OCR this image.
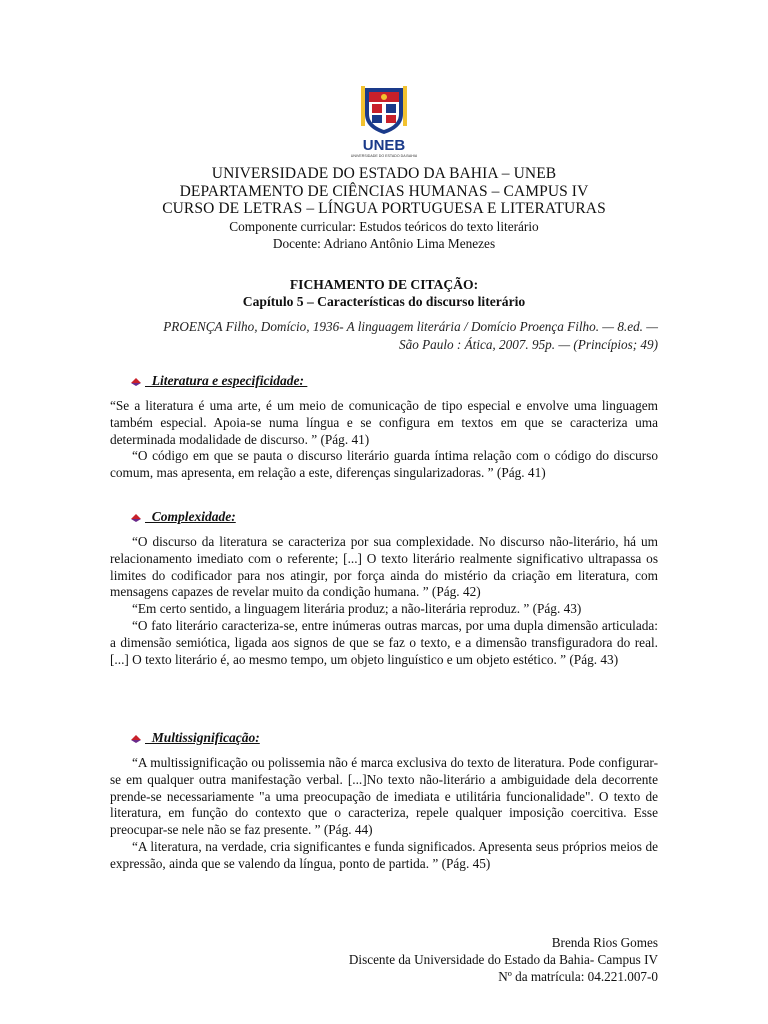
UNEB
UNIVERSIDADE DO ESTADO DA BAHIA
UNIVERSIDADE DO ESTADO DA BAHIA – UNEB
DEPARTAMENTO DE CIÊNCIAS HUMANAS – CAMPUS IV
CURSO DE LETRAS – LÍNGUA PORTUGUESA E LITERATURAS
Componente curricular: Estudos teóricos do texto literário
Docente: Adriano Antônio Lima Menezes
FICHAMENTO DE CITAÇÃO:
Capítulo 5 – Características do discurso literário
PROENÇA Filho, Domício, 1936- A linguagem literária / Domício Proença Filho. — 8.ed. —
São Paulo : Ática, 2007. 95p. — (Princípios; 49)
Literatura e especificidade:

“Se a literatura é uma arte, é um meio de comunicação de tipo especial e envolve uma linguagem também especial. Apoia-se numa língua e se configura em textos em que se caracteriza uma determinada modalidade de discurso. ” (Pág. 41)

“O código em que se pauta o discurso literário guarda íntima relação com o código do discurso comum, mas apresenta, em relação a este, diferenças singularizadoras. ” (Pág. 41)

Complexidade:

“O discurso da literatura se caracteriza por sua complexidade. No discurso não-literário, há um relacionamento imediato com o referente; [...] O texto literário realmente significativo ultrapassa os limites do codificador para nos atingir, por força ainda do mistério da criação em literatura, com mensagens capazes de revelar muito da condição humana. ” (Pág. 42)

“Em certo sentido, a linguagem literária produz; a não-literária reproduz. ” (Pág. 43)

“O fato literário caracteriza-se, entre inúmeras outras marcas, por uma dupla dimensão articulada: a dimensão semiótica, ligada aos signos de que se faz o texto, e a dimensão transfiguradora do real. [...] O texto literário é, ao mesmo tempo, um objeto linguístico e um objeto estético. ” (Pág. 43)

Multissignificação:

“A multissignificação ou polissemia não é marca exclusiva do texto de literatura. Pode configurar-se em qualquer outra manifestação verbal. [...]No texto não-literário a ambiguidade dela decorrente prende-se necessariamente "a uma preocupação de imediata e utilitária funcionalidade". O texto de literatura, em função do contexto que o caracteriza, repele qualquer imposição coercitiva. Esse preocupar-se nele não se faz presente. ” (Pág. 44)

“A literatura, na verdade, cria significantes e funda significados. Apresenta seus próprios meios de expressão, ainda que se valendo da língua, ponto de partida. ” (Pág. 45)

Brenda Rios Gomes
Discente da Universidade do Estado da Bahia- Campus IV
Nº da matrícula: 04.221.007-0
